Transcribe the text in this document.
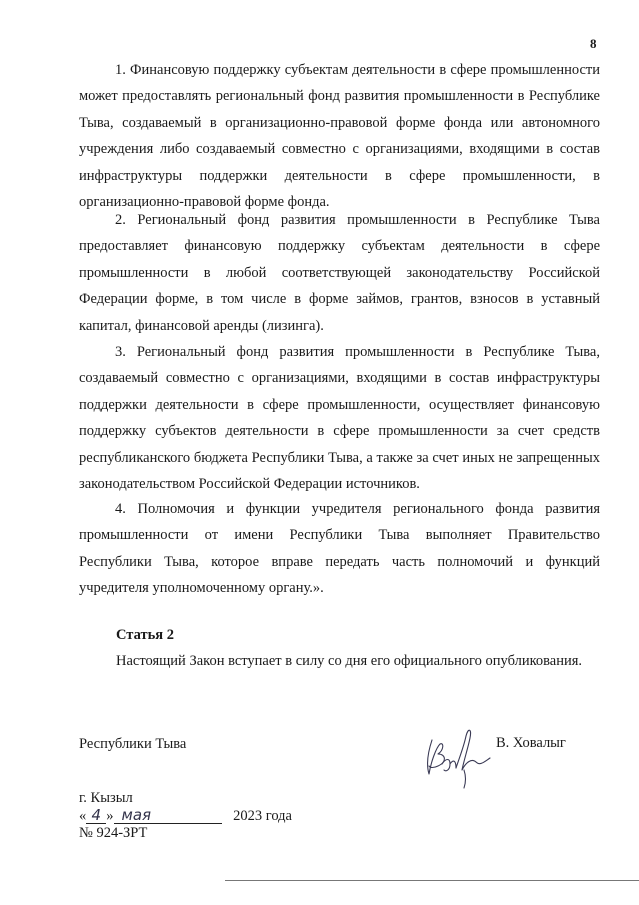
8

1. Финансовую поддержку субъектам деятельности в сфере промышленности может предоставлять региональный фонд развития промышленности в Республике Тыва, создаваемый в организационно-правовой форме фонда или автономного учреждения либо создаваемый совместно с организациями, входящими в состав инфраструктуры поддержки деятельности в сфере промышленности, в организационно-правовой форме фонда.

2. Региональный фонд развития промышленности в Республике Тыва предоставляет финансовую поддержку субъектам деятельности в сфере промышленности в любой соответствующей законодательству Российской Федерации форме, в том числе в форме займов, грантов, взносов в уставный капитал, финансовой аренды (лизинга).

3. Региональный фонд развития промышленности в Республике Тыва, создаваемый совместно с организациями, входящими в состав инфраструктуры поддержки деятельности в сфере промышленности, осуществляет финансовую поддержку субъектов деятельности в сфере промышленности за счет средств республиканского бюджета Республики Тыва, а также за счет иных не запрещенных законодательством Российской Федерации источников.

4. Полномочия и функции учредителя регионального фонда развития промышленности от имени Республики Тыва выполняет Правительство Республики Тыва, которое вправе передать часть полномочий и функций учредителя уполномоченному органу.».

Статья 2
Настоящий Закон вступает в силу со дня его официального опубликования.
Республики Тыва	В. Ховалыг
г. Кызыл
« 4 » мая	2023 года
№ 924-ЗРТ
